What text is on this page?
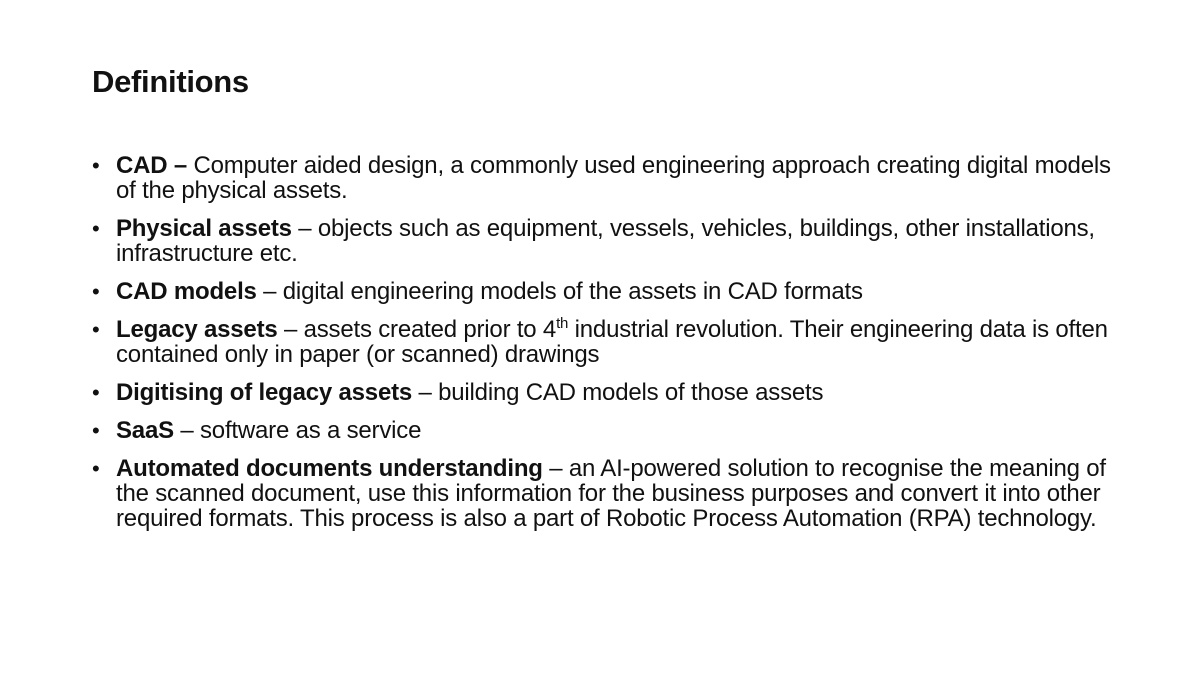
Definitions
• CAD – Computer aided design, a commonly used engineering approach creating digital models of the physical assets.
• Physical assets – objects such as equipment, vessels, vehicles, buildings, other installations, infrastructure etc.
• CAD models – digital engineering models of the assets in CAD formats
• Legacy assets – assets created prior to 4th industrial revolution. Their engineering data is often contained only in paper (or scanned) drawings
• Digitising of legacy assets – building CAD models of those assets
• SaaS – software as a service
• Automated documents understanding – an AI-powered solution to recognise the meaning of the scanned document, use this information for the business purposes and convert it into other required formats. This process is also a part of Robotic Process Automation (RPA) technology.
